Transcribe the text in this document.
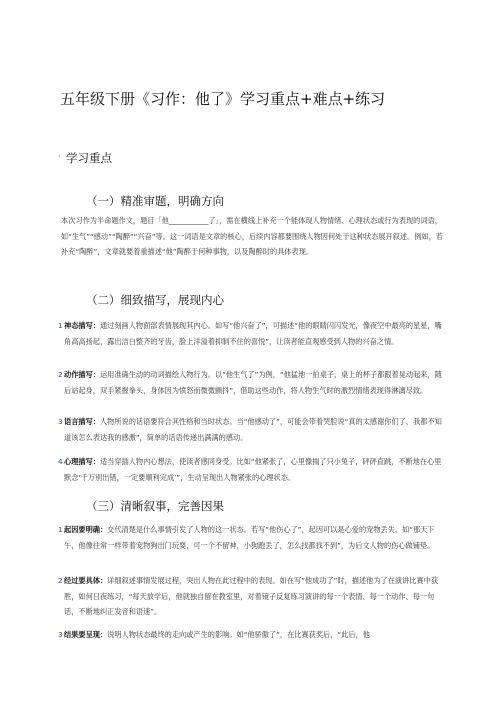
五年级下册《习作：他了》学习重点+难点+练习
· 学习重点
（一）精准审题，明确方向

本次习作为半命题作文，题目「他___________了」，需在横线上补充一个能体现人物情绪、心理状态或行为表现的词语，如“生气”“感动”“陶醉”“兴奋”等。这一词语是文章的核心，后续内容都要围绕人物因何处于这种状态展开叙述。例如，若补充“陶醉”，文章就要着重描述“他”陶醉于何种事物，以及陶醉时的具体表现。

（二）细致描写，展现内心
1 神态描写：通过刻画人物面部表情展现其内心。如写“他兴奋了”，可描述“他的眼睛闪闪发光，像夜空中最亮的星星，嘴角高高扬起，露出洁白整齐的牙齿，脸上洋溢着抑制不住的喜悦”，让读者能直观感受到人物的兴奋之情。
2 动作描写：运用准确生动的动词描绘人物行为。以“他生气了”为例，“他猛地一拍桌子，桌上的杯子都跟着晃动起来，随后站起身，双手紧握拳头，身体因为愤怒而微微颤抖”，借助这些动作，将人物生气时的激烈情绪表现得淋漓尽致。
3 语言描写：人物所说的话语要符合其性格和当时状态。当“他感动了”，可能会带着哭腔说“真的太感谢你们了，我都不知道该怎么表达我的感激”，简单的话语传递出满满的感动。
4 心理描写：适当穿插人物内心想法，使读者感同身受。比如“他紧张了，心里像揣了只小兔子，砰砰直跳，不断地在心里默念‘千万别出错，一定要顺利完成’”，生动呈现出人物紧张的心理状态。
（三）清晰叙事，完善因果
1 起因要明确：交代清楚是什么事情引发了人物的这一状态。若写“他伤心了”，起因可以是心爱的宠物丢失，如“那天下午，他像往常一样带着宠物狗出门玩耍，可一个不留神，小狗跑丢了，怎么找都找不到”，为后文人物的伤心做铺垫。
2 经过要具体：详细叙述事情发展过程，突出人物在此过程中的表现。如在写“他成功了”时，描述他为了在演讲比赛中获胜，如何日夜练习，“每天放学后，他就独自留在教室里，对着镜子反复练习演讲的每一个表情、每一个动作、每一句话，不断地纠正发音和语速”。
3 结果要呈现：说明人物状态最终的走向或产生的影响。如“他骄傲了”，在比赛获奖后，“此后，他
